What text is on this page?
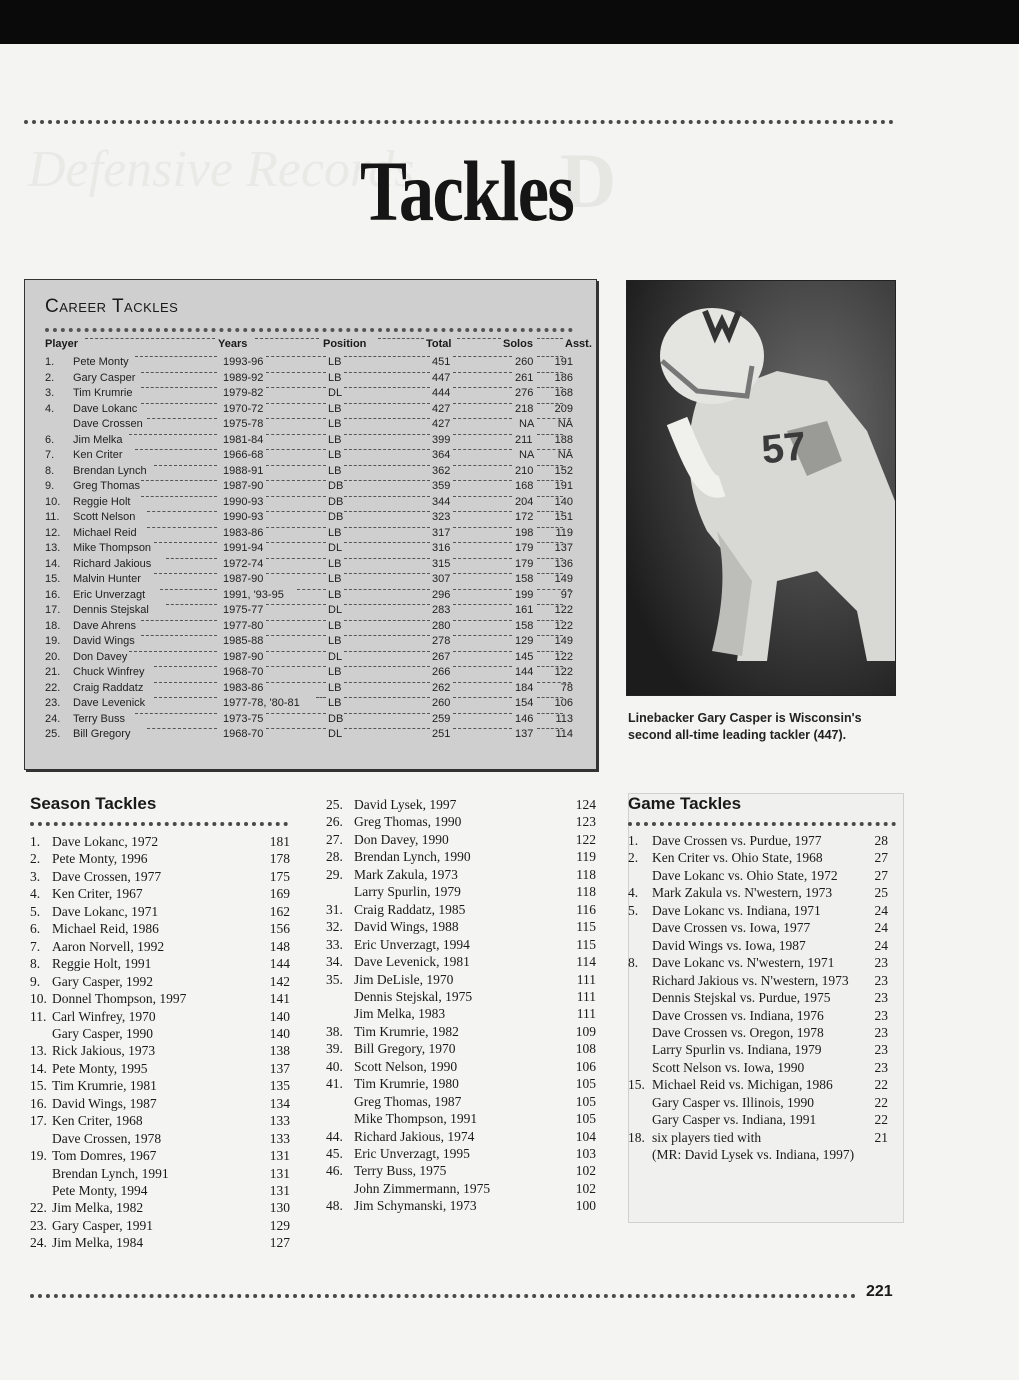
Defensive Records D
Tackles
Career Tackles
Player	Years	Position	Total	Solos	Asst.
1. Pete Monty	1993-96	LB	451	260 191
2. Gary Casper	1989-92	LB	447	261 186
3. Tim Krumrie	1979-82	DL	444	276 168
4. Dave Lokanc	1970-72	LB	427	218 209
Dave Crossen	1975-78	LB	427	NA NA
6. Jim Melka	1981-84	LB	399	211 188
7. Ken Criter	1966-68	LB	364	NA NA
8. Brendan Lynch	1988-91	LB	362	210 152
9. Greg Thomas	1987-90	DB	359	168 191
10. Reggie Holt	1990-93	DB	344	204 140
11. Scott Nelson	1990-93	DB	323	172 151
12. Michael Reid	1983-86	LB	317	198 119
13. Mike Thompson	1991-94	DL	316	179 137
14. Richard Jakious	1972-74	LB	315	179 136
15. Malvin Hunter	1987-90	LB	307	158 149
16. Eric Unverzagt	1991, '93-95	LB	296	199 97
17. Dennis Stejskal	1975-77	DL	283	161 122
18. Dave Ahrens	1977-80	LB	280	158 122
19. David Wings	1985-88	LB	278	129 149
20. Don Davey	1987-90	DL	267	145 122
21. Chuck Winfrey	1968-70	LB	266	144 122
22. Craig Raddatz	1983-86	LB	262	184 78
23. Dave Levenick	1977-78, '80-81	LB	260	154 106
24. Terry Buss	1973-75	DB	259	146 113
25. Bill Gregory	1968-70	DL	251	137 114
57
Linebacker Gary Casper is Wisconsin's second all-time leading tackler (447).
Season Tackles
1. Dave Lokanc, 1972	181
2. Pete Monty, 1996	178
3. Dave Crossen, 1977	175
4. Ken Criter, 1967	169
5. Dave Lokanc, 1971	162
6. Michael Reid, 1986	156
7. Aaron Norvell, 1992	148
8. Reggie Holt, 1991	144
9. Gary Casper, 1992	142
10. Donnel Thompson, 1997	141
11. Carl Winfrey, 1970	140
Gary Casper, 1990	140
13. Rick Jakious, 1973	138
14. Pete Monty, 1995	137
15. Tim Krumrie, 1981	135
16. David Wings, 1987	134
17. Ken Criter, 1968	133
Dave Crossen, 1978	133
19. Tom Domres, 1967	131
Brendan Lynch, 1991	131
Pete Monty, 1994	131
22. Jim Melka, 1982	130
23. Gary Casper, 1991	129
24. Jim Melka, 1984	127
25. David Lysek, 1997	124
26. Greg Thomas, 1990	123
27. Don Davey, 1990	122
28. Brendan Lynch, 1990	119
29. Mark Zakula, 1973	118
Larry Spurlin, 1979	118
31. Craig Raddatz, 1985	116
32. David Wings, 1988	115
33. Eric Unverzagt, 1994	115
34. Dave Levenick, 1981	114
35. Jim DeLisle, 1970	111
Dennis Stejskal, 1975	111
Jim Melka, 1983	111
38. Tim Krumrie, 1982	109
39. Bill Gregory, 1970	108
40. Scott Nelson, 1990	106
41. Tim Krumrie, 1980	105
Greg Thomas, 1987	105
Mike Thompson, 1991	105
44. Richard Jakious, 1974	104
45. Eric Unverzagt, 1995	103
46. Terry Buss, 1975	102
John Zimmermann, 1975	102
48. Jim Schymanski, 1973	100
Game Tackles
1. Dave Crossen vs. Purdue, 1977	28
2. Ken Criter vs. Ohio State, 1968	27
Dave Lokanc vs. Ohio State, 1972	27
4. Mark Zakula vs. N'western, 1973	25
5. Dave Lokanc vs. Indiana, 1971	24
Dave Crossen vs. Iowa, 1977	24
David Wings vs. Iowa, 1987	24
8. Dave Lokanc vs. N'western, 1971	23
Richard Jakious vs. N'western, 1973	23
Dennis Stejskal vs. Purdue, 1975	23
Dave Crossen vs. Indiana, 1976	23
Dave Crossen vs. Oregon, 1978	23
Larry Spurlin vs. Indiana, 1979	23
Scott Nelson vs. Iowa, 1990	23
15. Michael Reid vs. Michigan, 1986	22
Gary Casper vs. Illinois, 1990	22
Gary Casper vs. Indiana, 1991	22
18. six players tied with	21
(MR: David Lysek vs. Indiana, 1997)
221
